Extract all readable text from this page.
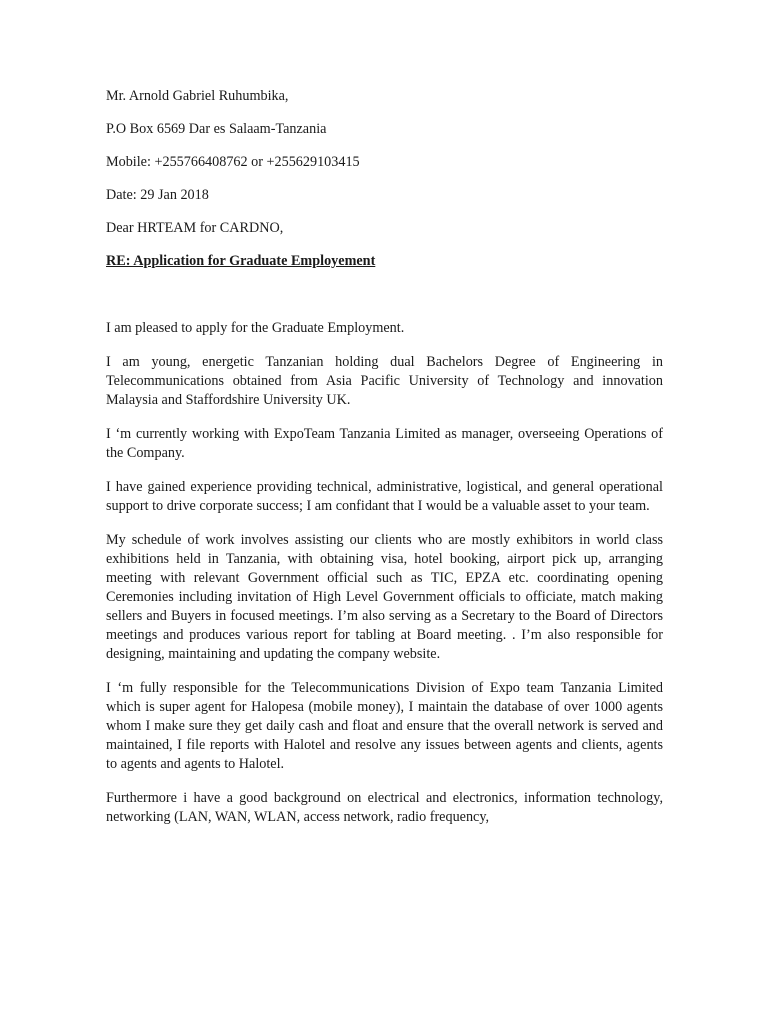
Mr. Arnold Gabriel Ruhumbika,
P.O Box 6569 Dar es Salaam-Tanzania
Mobile: +255766408762 or +255629103415
Date: 29 Jan 2018
Dear HRTEAM for CARDNO,
RE: Application for Graduate Employement

I am pleased to apply for the Graduate Employment.

I am young, energetic Tanzanian holding dual Bachelors Degree of Engineering in Telecommunications obtained from Asia Pacific University of Technology and innovation Malaysia and Staffordshire University UK.

I ‘m currently working with ExpoTeam Tanzania Limited as manager, overseeing Operations of the Company.

I have gained experience providing technical, administrative, logistical, and general operational support to drive corporate success; I am confidant that I would be a valuable asset to your team.

My schedule of work involves assisting our clients who are mostly exhibitors in world class exhibitions held in Tanzania, with obtaining visa, hotel booking, airport pick up, arranging meeting with relevant Government official such as TIC, EPZA etc. coordinating opening Ceremonies including invitation of High Level Government officials to officiate, match making sellers and Buyers in focused meetings. I’m also serving as a Secretary to the Board of Directors meetings and produces various report for tabling at Board meeting. . I’m also responsible for designing, maintaining and updating the company website.

I ‘m fully responsible for the Telecommunications Division of Expo team Tanzania Limited which is super agent for Halopesa (mobile money), I maintain the database of over 1000 agents whom I make sure they get daily cash and float and ensure that the overall network is served and maintained, I file reports with Halotel and resolve any issues between agents and clients, agents to agents and agents to Halotel.

Furthermore i have a good background on electrical and electronics, information technology, networking (LAN, WAN, WLAN, access network, radio frequency,
